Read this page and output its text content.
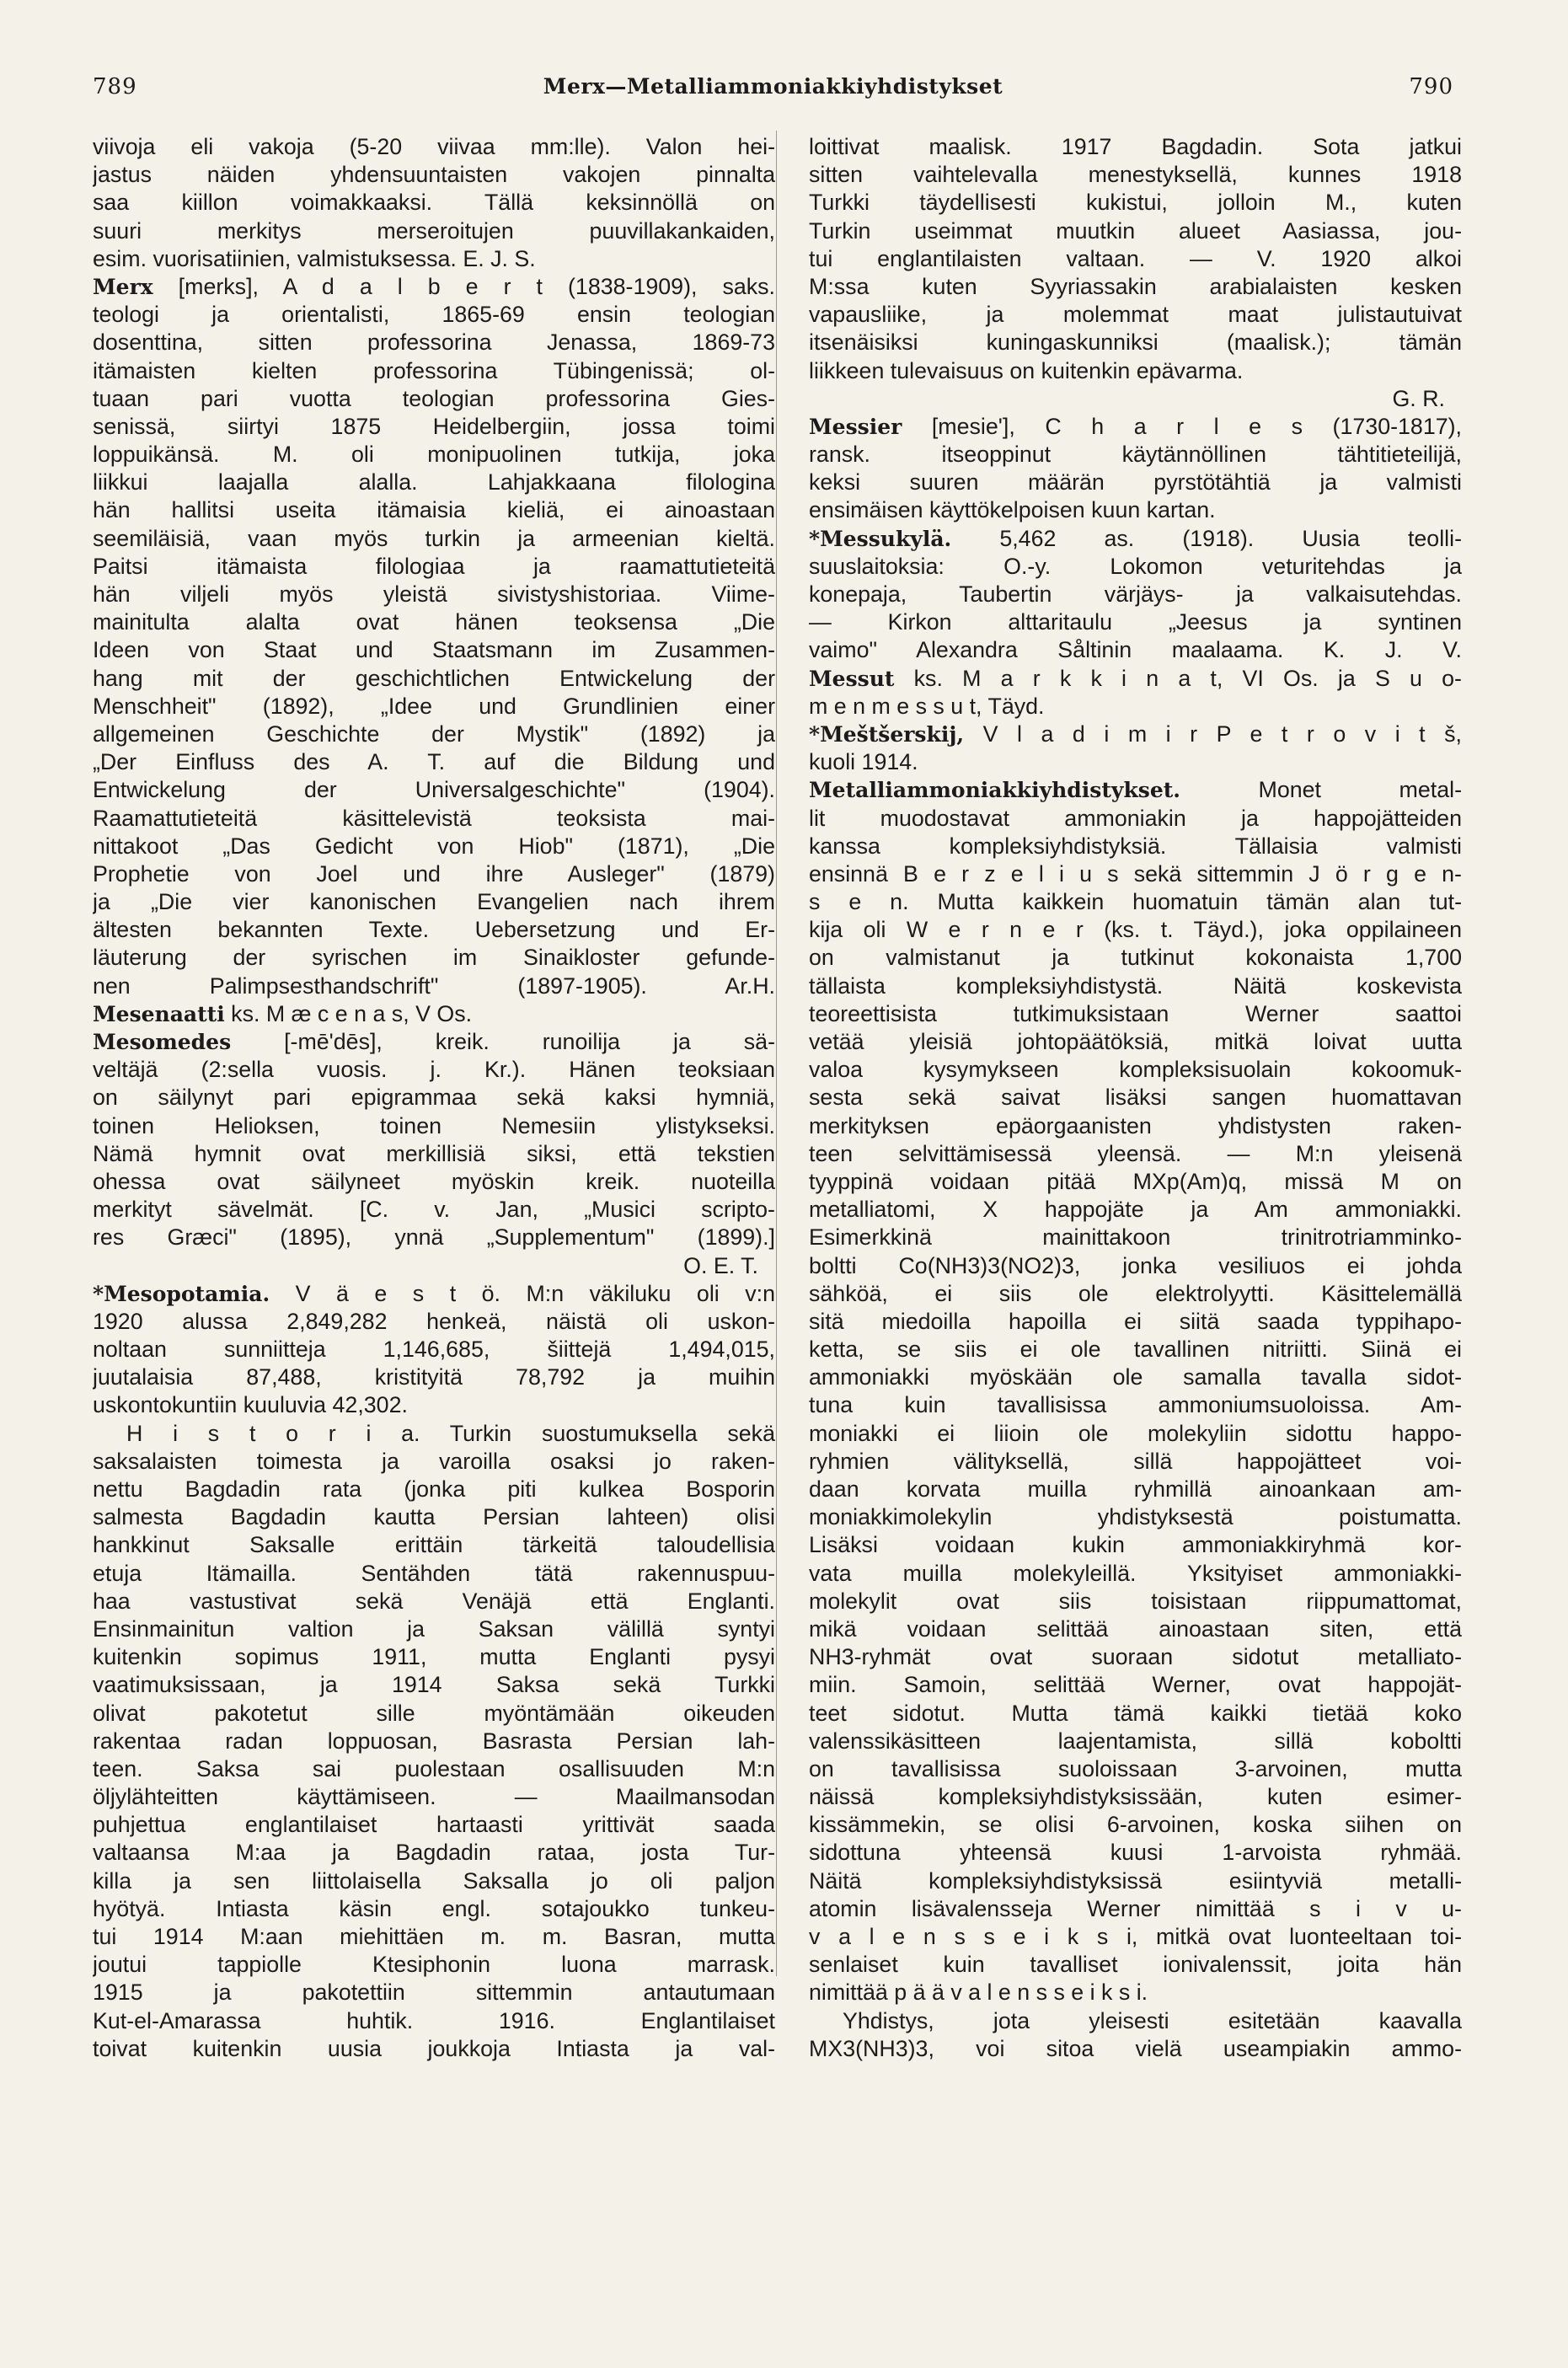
789	Merx—Metalliammoniakkiyhdistykset	790
viivoja eli vakoja (5-20 viivaa mm:lle). Valon hei-
jastus näiden yhdensuuntaisten vakojen pinnalta
saa kiillon voimakkaaksi. Tällä keksinnöllä on
suuri merkitys merseroitujen puuvillakankaiden,
esim. vuorisatiinien, valmistuksessa. E. J. S.
Merx [merks], A d a l b e r t (1838-1909), saks.
teologi ja orientalisti, 1865-69 ensin teologian
dosenttina, sitten professorina Jenassa, 1869-73
itämaisten kielten professorina Tübingenissä; ol-
tuaan pari vuotta teologian professorina Gies-
senissä, siirtyi 1875 Heidelbergiin, jossa toimi
loppuikänsä. M. oli monipuolinen tutkija, joka
liikkui laajalla alalla. Lahjakkaana filologina
hän hallitsi useita itämaisia kieliä, ei ainoastaan
seemiläisiä, vaan myös turkin ja armeenian kieltä.
Paitsi itämaista filologiaa ja raamattutieteitä
hän viljeli myös yleistä sivistyshistoriaa. Viime-
mainitulta alalta ovat hänen teoksensa „Die
Ideen von Staat und Staatsmann im Zusammen-
hang mit der geschichtlichen Entwickelung der
Menschheit" (1892), „Idee und Grundlinien einer
allgemeinen Geschichte der Mystik" (1892) ja
„Der Einfluss des A. T. auf die Bildung und
Entwickelung der Universalgeschichte" (1904).
Raamattutieteitä käsittelevistä teoksista mai-
nittakoot „Das Gedicht von Hiob" (1871), „Die
Prophetie von Joel und ihre Ausleger" (1879)
ja „Die vier kanonischen Evangelien nach ihrem
ältesten bekannten Texte. Uebersetzung und Er-
läuterung der syrischen im Sinaikloster gefunde-
nen Palimpsesthandschrift" (1897-1905). Ar.H.
Mesenaatti ks. M æ c e n a s, V Os.
Mesomedes [-mē'dēs], kreik. runoilija ja sä-
veltäjä (2:sella vuosis. j. Kr.). Hänen teoksiaan
on säilynyt pari epigrammaa sekä kaksi hymniä,
toinen Helioksen, toinen Nemesiin ylistykseksi.
Nämä hymnit ovat merkillisiä siksi, että tekstien
ohessa ovat säilyneet myöskin kreik. nuoteilla
merkityt sävelmät. [C. v. Jan, „Musici scripto-
res Græci" (1895), ynnä „Supplementum" (1899).]
O. E. T.
*Mesopotamia. V ä e s t ö. M:n väkiluku oli v:n
1920 alussa 2,849,282 henkeä, näistä oli uskon-
noltaan sunniitteja 1,146,685, šiittejä 1,494,015,
juutalaisia 87,488, kristityitä 78,792 ja muihin
uskontokuntiin kuuluvia 42,302.
H i s t o r i a. Turkin suostumuksella sekä
saksalaisten toimesta ja varoilla osaksi jo raken-
nettu Bagdadin rata (jonka piti kulkea Bosporin
salmesta Bagdadin kautta Persian lahteen) olisi
hankkinut Saksalle erittäin tärkeitä taloudellisia
etuja Itämailla. Sentähden tätä rakennuspuu-
haa vastustivat sekä Venäjä että Englanti.
Ensinmainitun valtion ja Saksan välillä syntyi
kuitenkin sopimus 1911, mutta Englanti pysyi
vaatimuksissaan, ja 1914 Saksa sekä Turkki
olivat pakotetut sille myöntämään oikeuden
rakentaa radan loppuosan, Basrasta Persian lah-
teen. Saksa sai puolestaan osallisuuden M:n
öljylähteitten käyttämiseen. — Maailmansodan
puhjettua englantilaiset hartaasti yrittivät saada
valtaansa M:aa ja Bagdadin rataa, josta Tur-
killa ja sen liittolaisella Saksalla jo oli paljon
hyötyä. Intiasta käsin engl. sotajoukko tunkeu-
tui 1914 M:aan miehittäen m. m. Basran, mutta
joutui tappiolle Ktesiphonin luona marrask.
1915 ja pakotettiin sittemmin antautumaan
Kut-el-Amarassa huhtik. 1916. Englantilaiset
toivat kuitenkin uusia joukkoja Intiasta ja val-
loittivat maalisk. 1917 Bagdadin. Sota jatkui
sitten vaihtelevalla menestyksellä, kunnes 1918
Turkki täydellisesti kukistui, jolloin M., kuten
Turkin useimmat muutkin alueet Aasiassa, jou-
tui englantilaisten valtaan. — V. 1920 alkoi
M:ssa kuten Syyriassakin arabialaisten kesken
vapausliike, ja molemmat maat julistautuivat
itsenäisiksi kuningaskunniksi (maalisk.); tämän
liikkeen tulevaisuus on kuitenkin epävarma.
G. R.
Messier [mesie'], C h a r l e s (1730-1817),
ransk. itseoppinut käytännöllinen tähtitieteilijä,
keksi suuren määrän pyrstötähtiä ja valmisti
ensimäisen käyttökelpoisen kuun kartan.
*Messukylä. 5,462 as. (1918). Uusia teolli-
suuslaitoksia: O.-y. Lokomon veturitehdas ja
konepaja, Taubertin värjäys- ja valkaisutehdas.
— Kirkon alttaritaulu „Jeesus ja syntinen
vaimo" Alexandra Såltinin maalaama. K. J. V.
Messut ks. M a r k k i n a t, VI Os. ja S u o-
m e n m e s s u t, Täyd.
*Meštšerskij, V l a d i m i r P e t r o v i t š,
kuoli 1914.
Metalliammoniakkiyhdistykset. Monet metal-
lit muodostavat ammoniakin ja happojätteiden
kanssa kompleksiyhdistyksiä. Tällaisia valmisti
ensinnä B e r z e l i u s sekä sittemmin J ö r g e n-
s e n. Mutta kaikkein huomatuin tämän alan tut-
kija oli W e r n e r (ks. t. Täyd.), joka oppilaineen
on valmistanut ja tutkinut kokonaista 1,700
tällaista kompleksiyhdistystä. Näitä koskevista
teoreettisista tutkimuksistaan Werner saattoi
vetää yleisiä johtopäätöksiä, mitkä loivat uutta
valoa kysymykseen kompleksisuolain kokoomuk-
sesta sekä saivat lisäksi sangen huomattavan
merkityksen epäorgaanisten yhdistysten raken-
teen selvittämisessä yleensä. — M:n yleisenä
tyyppinä voidaan pitää MXp(Am)q, missä M on
metalliatomi, X happojäte ja Am ammoniakki.
Esimerkkinä mainittakoon trinitrotriamminko-
boltti Co(NH3)3(NO2)3, jonka vesiliuos ei johda
sähköä, ei siis ole elektrolyytti. Käsittelemällä
sitä miedoilla hapoilla ei siitä saada typpihapo-
ketta, se siis ei ole tavallinen nitriitti. Siinä ei
ammoniakki myöskään ole samalla tavalla sidot-
tuna kuin tavallisissa ammoniumsuoloissa. Am-
moniakki ei liioin ole molekyliin sidottu happo-
ryhmien välityksellä, sillä happojätteet voi-
daan korvata muilla ryhmillä ainoankaan am-
moniakkimolekylin yhdistyksestä poistumatta.
Lisäksi voidaan kukin ammoniakkiryhmä kor-
vata muilla molekyleillä. Yksityiset ammoniakki-
molekylit ovat siis toisistaan riippumattomat,
mikä voidaan selittää ainoastaan siten, että
NH3-ryhmät ovat suoraan sidotut metalliato-
miin. Samoin, selittää Werner, ovat happojät-
teet sidotut. Mutta tämä kaikki tietää koko
valenssikäsitteen laajentamista, sillä koboltti
on tavallisissa suoloissaan 3-arvoinen, mutta
näissä kompleksiyhdistyksissään, kuten esimer-
kissämmekin, se olisi 6-arvoinen, koska siihen on
sidottuna yhteensä kuusi 1-arvoista ryhmää.
Näitä kompleksiyhdistyksissä esiintyviä metalli-
atomin lisävalensseja Werner nimittää s i v u-
v a l e n s s e i k s i, mitkä ovat luonteeltaan toi-
senlaiset kuin tavalliset ionivalenssit, joita hän
nimittää p ä ä v a l e n s s e i k s i.
Yhdistys, jota yleisesti esitetään kaavalla
MX3(NH3)3, voi sitoa vielä useampiakin ammo-
